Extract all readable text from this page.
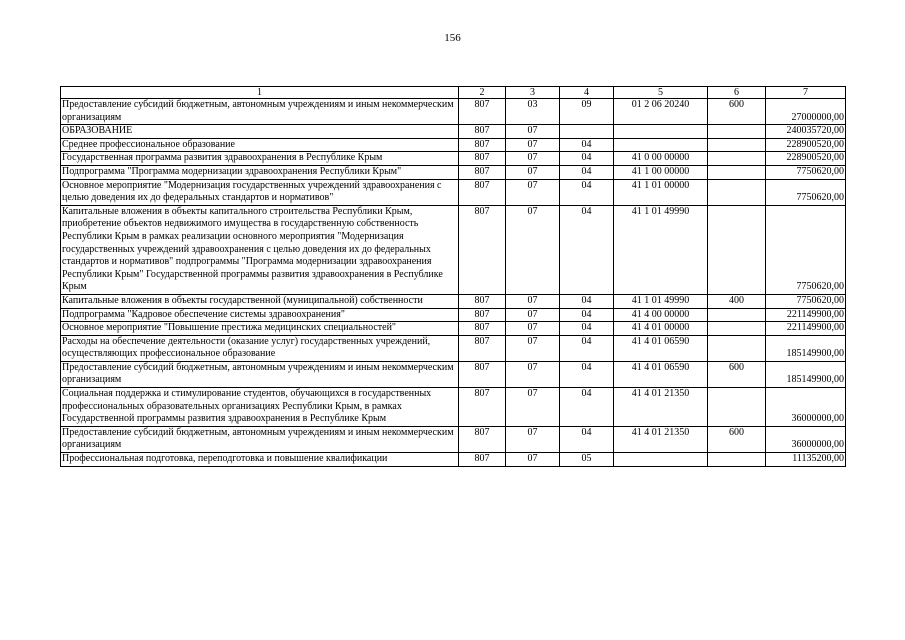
156
1	2	3	4	5	6	7
Предоставление субсидий бюджетным, автономным учреждениям и иным некоммерческим организациям	807	03	09	01 2 06 20240	600	27000000,00
ОБРАЗОВАНИЕ	807	07				240035720,00
Среднее профессиональное образование	807	07	04			228900520,00
Государственная программа развития здравоохранения в Республике Крым	807	07	04	41 0 00 00000		228900520,00
Подпрограмма "Программа модернизации здравоохранения Республики Крым"	807	07	04	41 1 00 00000		7750620,00
Основное мероприятие "Модернизация государственных учреждений здравоохранения с целью доведения их до федеральных стандартов и нормативов"	807	07	04	41 1 01 00000		7750620,00
Капитальные вложения в объекты капитального строительства Республики Крым, приобретение объектов недвижимого имущества в государственную собственность Республики Крым в рамках реализации основного мероприятия "Модернизация государственных учреждений здравоохранения с целью доведения их до федеральных стандартов и нормативов" подпрограммы "Программа модернизации здравоохранения Республики Крым" Государственной программы развития здравоохранения в Республике Крым	807	07	04	41 1 01 49990		7750620,00
Капитальные вложения в объекты государственной (муниципальной) собственности	807	07	04	41 1 01 49990	400	7750620,00
Подпрограмма "Кадровое обеспечение системы здравоохранения"	807	07	04	41 4 00 00000		221149900,00
Основное мероприятие "Повышение престижа медицинских специальностей"	807	07	04	41 4 01 00000		221149900,00
Расходы на обеспечение деятельности (оказание услуг) государственных учреждений, осуществляющих профессиональное образование	807	07	04	41 4 01 06590		185149900,00
Предоставление субсидий бюджетным, автономным учреждениям и иным некоммерческим организациям	807	07	04	41 4 01 06590	600	185149900,00
Социальная поддержка и стимулирование студентов, обучающихся в государственных профессиональных образовательных организациях Республики Крым, в рамках Государственной программы развития здравоохранения в Республике Крым	807	07	04	41 4 01 21350		36000000,00
Предоставление субсидий бюджетным, автономным учреждениям и иным некоммерческим организациям	807	07	04	41 4 01 21350	600	36000000,00
Профессиональная подготовка, переподготовка и повышение квалификации	807	07	05			11135200,00
